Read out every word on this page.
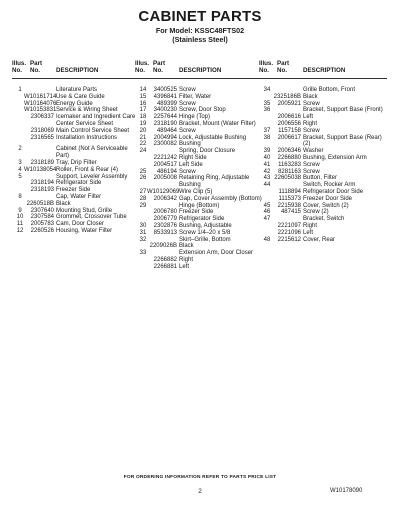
CABINET PARTS
For Model: KSSC48FTS02
(Stainless Steel)
Illus.
No.
Part
No.	DESCRIPTION
1	Literature Parts
W10161714 Use & Care Guide
W10164076 Energy Guide
W10153831 Service & Wiring Sheet
2306337 Icemaker and Ingredient Care Center Service Sheet
2318069 Main Control Service Sheet
2316565 Installation Instructions
2	Cabinet (Not A Serviceable Part)
3	2318189 Tray, Drip Filter
4 W10138054 Roller, Front & Rear (4)
5	Support, Leveler Assembly
2318194 Refrigerator Side
2318193 Freezer Side
8	Cap, Water Filter
2260518B Black
9	2307640 Mounting Stud, Grille
10	2307584 Grommet, Crossover Tube
11	2005783 Cam, Door Closer
12	2260526 Housing, Water Filter
Illus.
No.
Part
No.	DESCRIPTION
14	3400525 Screw
15	4396841 Filter, Water
16	489399 Screw
17	3400230 Screw, Door Stop
18	2257644 Hinge (Top)
19	2318190 Bracket, Mount (Water Filter)
20	489464 Screw
21	2004994 Lock, Adjustable Bushing
22	2300082 Bushing
24	Spring, Door Closure
2221242 Right Side
2004517 Left Side
25	486194 Screw
26	2005008 Retaining Ring, Adjustable Bushing
27 W10129069 Wire Clip (5)
28	2006342 Gap, Cover Assembly (Bottom)
29	Hinge (Bottom)
2006780 Freezer Side
2006779 Refrigerator Side
30	2302876 Bushing, Adjustable
31	8533913 Screw 1/4–20 x 5/8
32	Skirt–Grille, Bottom
2209026B Black
33	Extension Arm, Door Closer
2266882 Right
2266881 Left
Illus.
No.
Part
No.	DESCRIPTION
34	Grille Bottom, Front
2325186B Black
35	2005921 Screw
36	Bracket, Support Base (Front)
2006616 Left
2006556 Right
37	1157158 Screw
38	2006617 Bracket, Support Base (Rear) (2)
39	2006346 Washer
40	2266880 Bushing, Extension Arm
41	1163283 Screw
42	8281163 Screw
43 22605038 Button, Filter
44	Switch, Rocker Arm
1118894 Refrigerator Door Side
1115373 Freezer Door Side
45	2215938 Cover, Switch (2)
46	487415 Screw (2)
47	Bracket, Switch
2221097 Right
2221096 Left
48	2215612 Cover, Rear
FOR ORDERING INFORMATION REFER TO PARTS PRICE LIST
2	W10178090
